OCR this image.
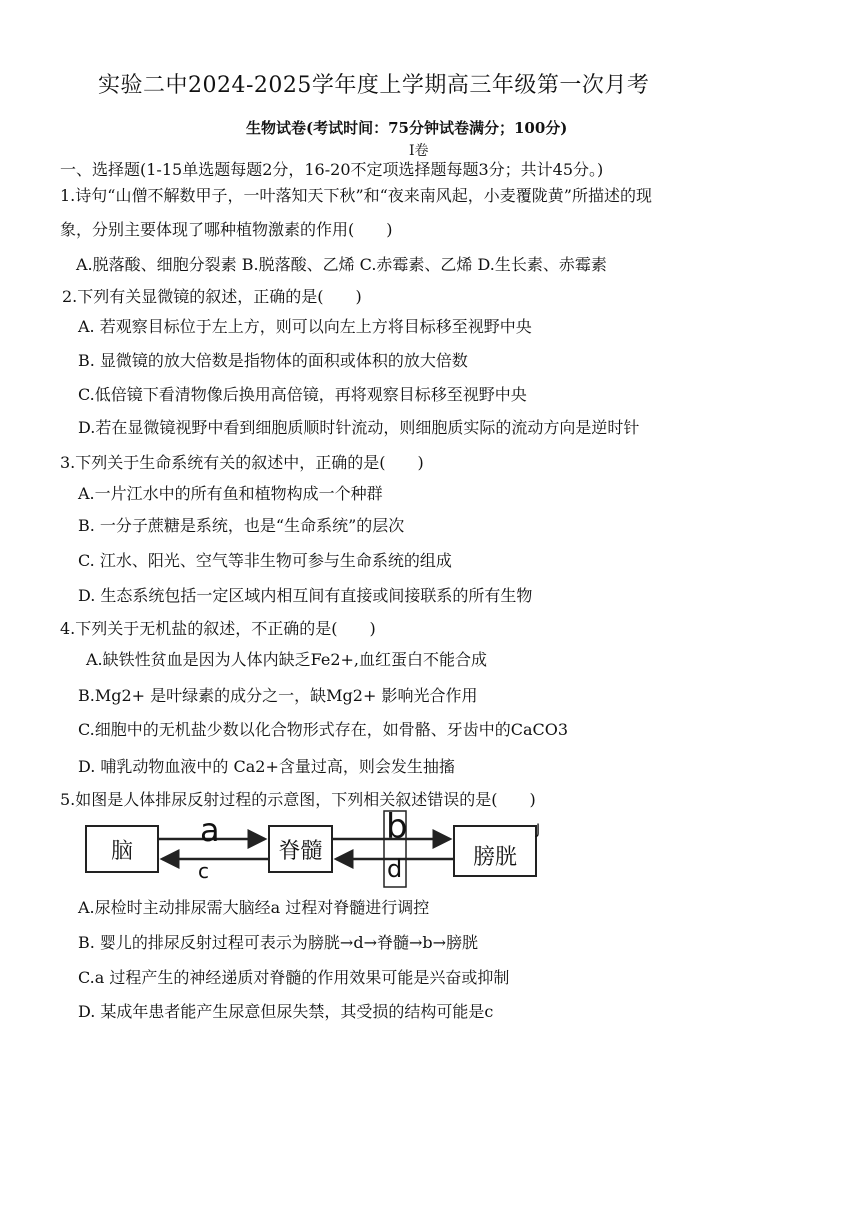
实验二中2024-2025学年度上学期高三年级第一次月考
生物试卷(考试时间：75分钟试卷满分；100分)
I卷
一、选择题(1-15单选题每题2分，16-20不定项选择题每题3分；共计45分。)
1.诗句“山僧不解数甲子，一叶落知天下秋”和“夜来南风起，小麦覆陇黄”所描述的现
象，分别主要体现了哪种植物激素的作用(　　)
A.脱落酸、细胞分裂素 B.脱落酸、乙烯 C.赤霉素、乙烯 D.生长素、赤霉素
2.下列有关显微镜的叙述，正确的是(　　)
A. 若观察目标位于左上方，则可以向左上方将目标移至视野中央
B. 显微镜的放大倍数是指物体的面积或体积的放大倍数
C.低倍镜下看清物像后换用高倍镜，再将观察目标移至视野中央
D.若在显微镜视野中看到细胞质顺时针流动，则细胞质实际的流动方向是逆时针
3.下列关于生命系统有关的叙述中，正确的是(　　)
A.一片江水中的所有鱼和植物构成一个种群
B. 一分子蔗糖是系统，也是“生命系统”的层次
C. 江水、阳光、空气等非生物可参与生命系统的组成
D. 生态系统包括一定区域内相互间有直接或间接联系的所有生物
4.下列关于无机盐的叙述，不正确的是(　　)
A.缺铁性贫血是因为人体内缺乏Fe2+,血红蛋白不能合成
B.Mg2+ 是叶绿素的成分之一，缺Mg2+ 影响光合作用
C.细胞中的无机盐少数以化合物形式存在，如骨骼、牙齿中的CaCO3
D. 哺乳动物血液中的 Ca2+含量过高，则会发生抽搐
5.如图是人体排尿反射过程的示意图，下列相关叙述错误的是(　　)
脑	脊髓	膀胱
a
c
b
d
J
A.尿检时主动排尿需大脑经a 过程对脊髓进行调控
B. 婴儿的排尿反射过程可表示为膀胱→d→脊髓→b→膀胱
C.a 过程产生的神经递质对脊髓的作用效果可能是兴奋或抑制
D. 某成年患者能产生尿意但尿失禁，其受损的结构可能是c
